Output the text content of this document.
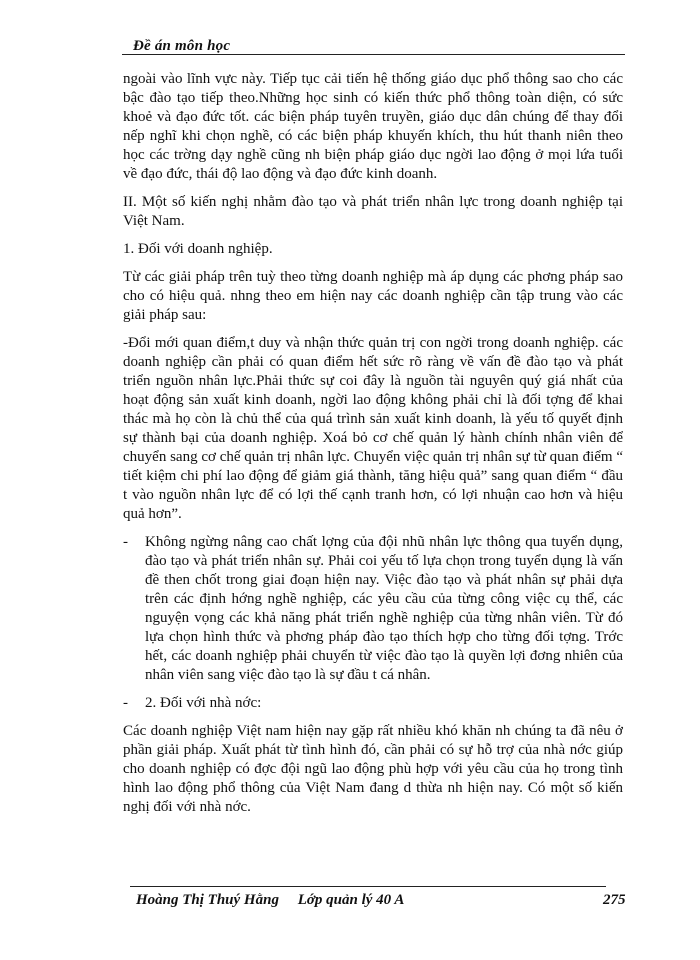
Đề án môn học

ngoài vào lĩnh vực này. Tiếp tục cải tiến hệ thống giáo dục phổ thông sao cho các bậc đào tạo tiếp theo.Những học sinh có kiến thức phổ thông toàn diện, có sức khoẻ và đạo đức tốt. các biện pháp tuyên truyền, giáo dục dân chúng để thay đổi nếp nghĩ khi chọn nghề, có các biện pháp khuyến khích, thu hút thanh niên theo học các trờng dạy nghề cũng nh biện pháp giáo dục ngời lao động ở mọi lứa tuổi về đạo đức, thái độ lao động và đạo đức kinh doanh.

II. Một số kiến nghị nhằm đào tạo và phát triển nhân lực trong doanh nghiệp tại Việt Nam.

1. Đối với doanh nghiệp.

Từ các giải pháp trên tuỳ theo từng doanh nghiệp mà áp dụng các phơng pháp sao cho có hiệu quả. nhng theo em hiện nay các doanh nghiệp cần tập trung vào các giải pháp sau:

-Đổi mới quan điểm,t duy và nhận thức quản trị con ngời trong doanh nghiệp. các doanh nghiệp cần phải có quan điểm hết sức rõ ràng về vấn đề đào tạo và phát triển nguồn nhân lực.Phải thức sự coi đây là nguồn tài nguyên quý giá nhất của hoạt động sản xuất kinh doanh, ngời lao động không phải chỉ là đối tợng để khai thác mà họ còn là chủ thể của quá trình sản xuất kinh doanh, là yếu tố quyết định sự thành bại của doanh nghiệp. Xoá bỏ cơ chế quản lý hành chính nhân viên để chuyển sang cơ chế quản trị nhân lực. Chuyển việc quản trị nhân sự từ quan điểm “ tiết kiệm chi phí lao động để giảm giá thành, tăng hiệu quả” sang quan điểm “ đầu t vào nguồn nhân lực để có lợi thế cạnh tranh hơn, có lợi nhuận cao hơn và hiệu quả hơn”.

-	Không ngừng nâng cao chất lợng của đội nhũ nhân lực thông qua tuyển dụng, đào tạo và phát triển nhân sự. Phải coi yếu tố lựa chọn trong tuyển dụng là vấn đề then chốt trong giai đoạn hiện nay. Việc đào tạo và phát nhân sự phải dựa trên các định hớng nghề nghiệp, các yêu cầu của từng công việc cụ thể, các nguyện vọng các khả năng phát triển nghề nghiệp của từng nhân viên. Từ đó lựa chọn hình thức và phơng pháp đào tạo thích hợp cho từng đối tợng. Trớc hết, các doanh nghiệp phải chuyển từ việc đào tạo là quyền lợi đơng nhiên của nhân viên sang việc đào tạo là sự đầu t cá nhân.
-	2. Đối với nhà nớc:

Các doanh nghiệp Việt nam hiện nay gặp rất nhiều khó khăn nh chúng ta đã nêu ở phần giải pháp. Xuất phát từ tình hình đó, cần phải có sự hỗ trợ của nhà nớc giúp cho doanh nghiệp có đợc đội ngũ lao động phù hợp với yêu cầu của họ trong tình hình lao động phổ thông của Việt Nam đang d thừa nh hiện nay. Có một số kiến nghị đối với nhà nớc.

Hoàng Thị Thuý Hằng Lớp quản lý 40 A	275
